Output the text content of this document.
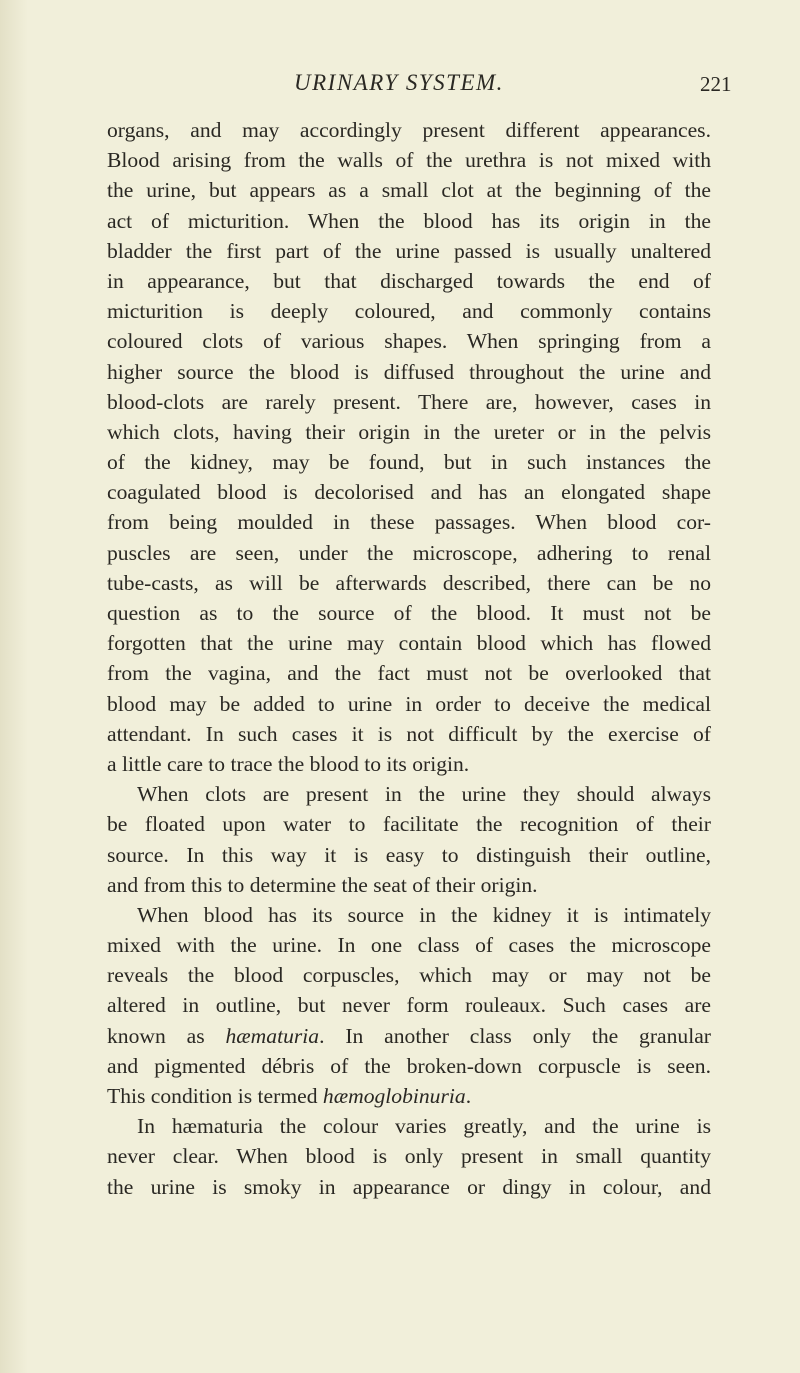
URINARY SYSTEM.	221
organs, and may accordingly present different appearances.
Blood arising from the walls of the urethra is not mixed with
the urine, but appears as a small clot at the beginning of the
act of micturition. When the blood has its origin in the
bladder the first part of the urine passed is usually unaltered
in appearance, but that discharged towards the end of
micturition is deeply coloured, and commonly contains
coloured clots of various shapes. When springing from a
higher source the blood is diffused throughout the urine and
blood-clots are rarely present. There are, however, cases in
which clots, having their origin in the ureter or in the pelvis
of the kidney, may be found, but in such instances the
coagulated blood is decolorised and has an elongated shape
from being moulded in these passages. When blood cor-
puscles are seen, under the microscope, adhering to renal
tube-casts, as will be afterwards described, there can be no
question as to the source of the blood. It must not be
forgotten that the urine may contain blood which has flowed
from the vagina, and the fact must not be overlooked that
blood may be added to urine in order to deceive the medical
attendant. In such cases it is not difficult by the exercise of
a little care to trace the blood to its origin.
When clots are present in the urine they should always
be floated upon water to facilitate the recognition of their
source. In this way it is easy to distinguish their outline,
and from this to determine the seat of their origin.
When blood has its source in the kidney it is intimately
mixed with the urine. In one class of cases the microscope
reveals the blood corpuscles, which may or may not be
altered in outline, but never form rouleaux. Such cases are
known as hæmaturia. In another class only the granular
and pigmented débris of the broken-down corpuscle is seen.
This condition is termed hæmoglobinuria.
In hæmaturia the colour varies greatly, and the urine is
never clear. When blood is only present in small quantity
the urine is smoky in appearance or dingy in colour, and
